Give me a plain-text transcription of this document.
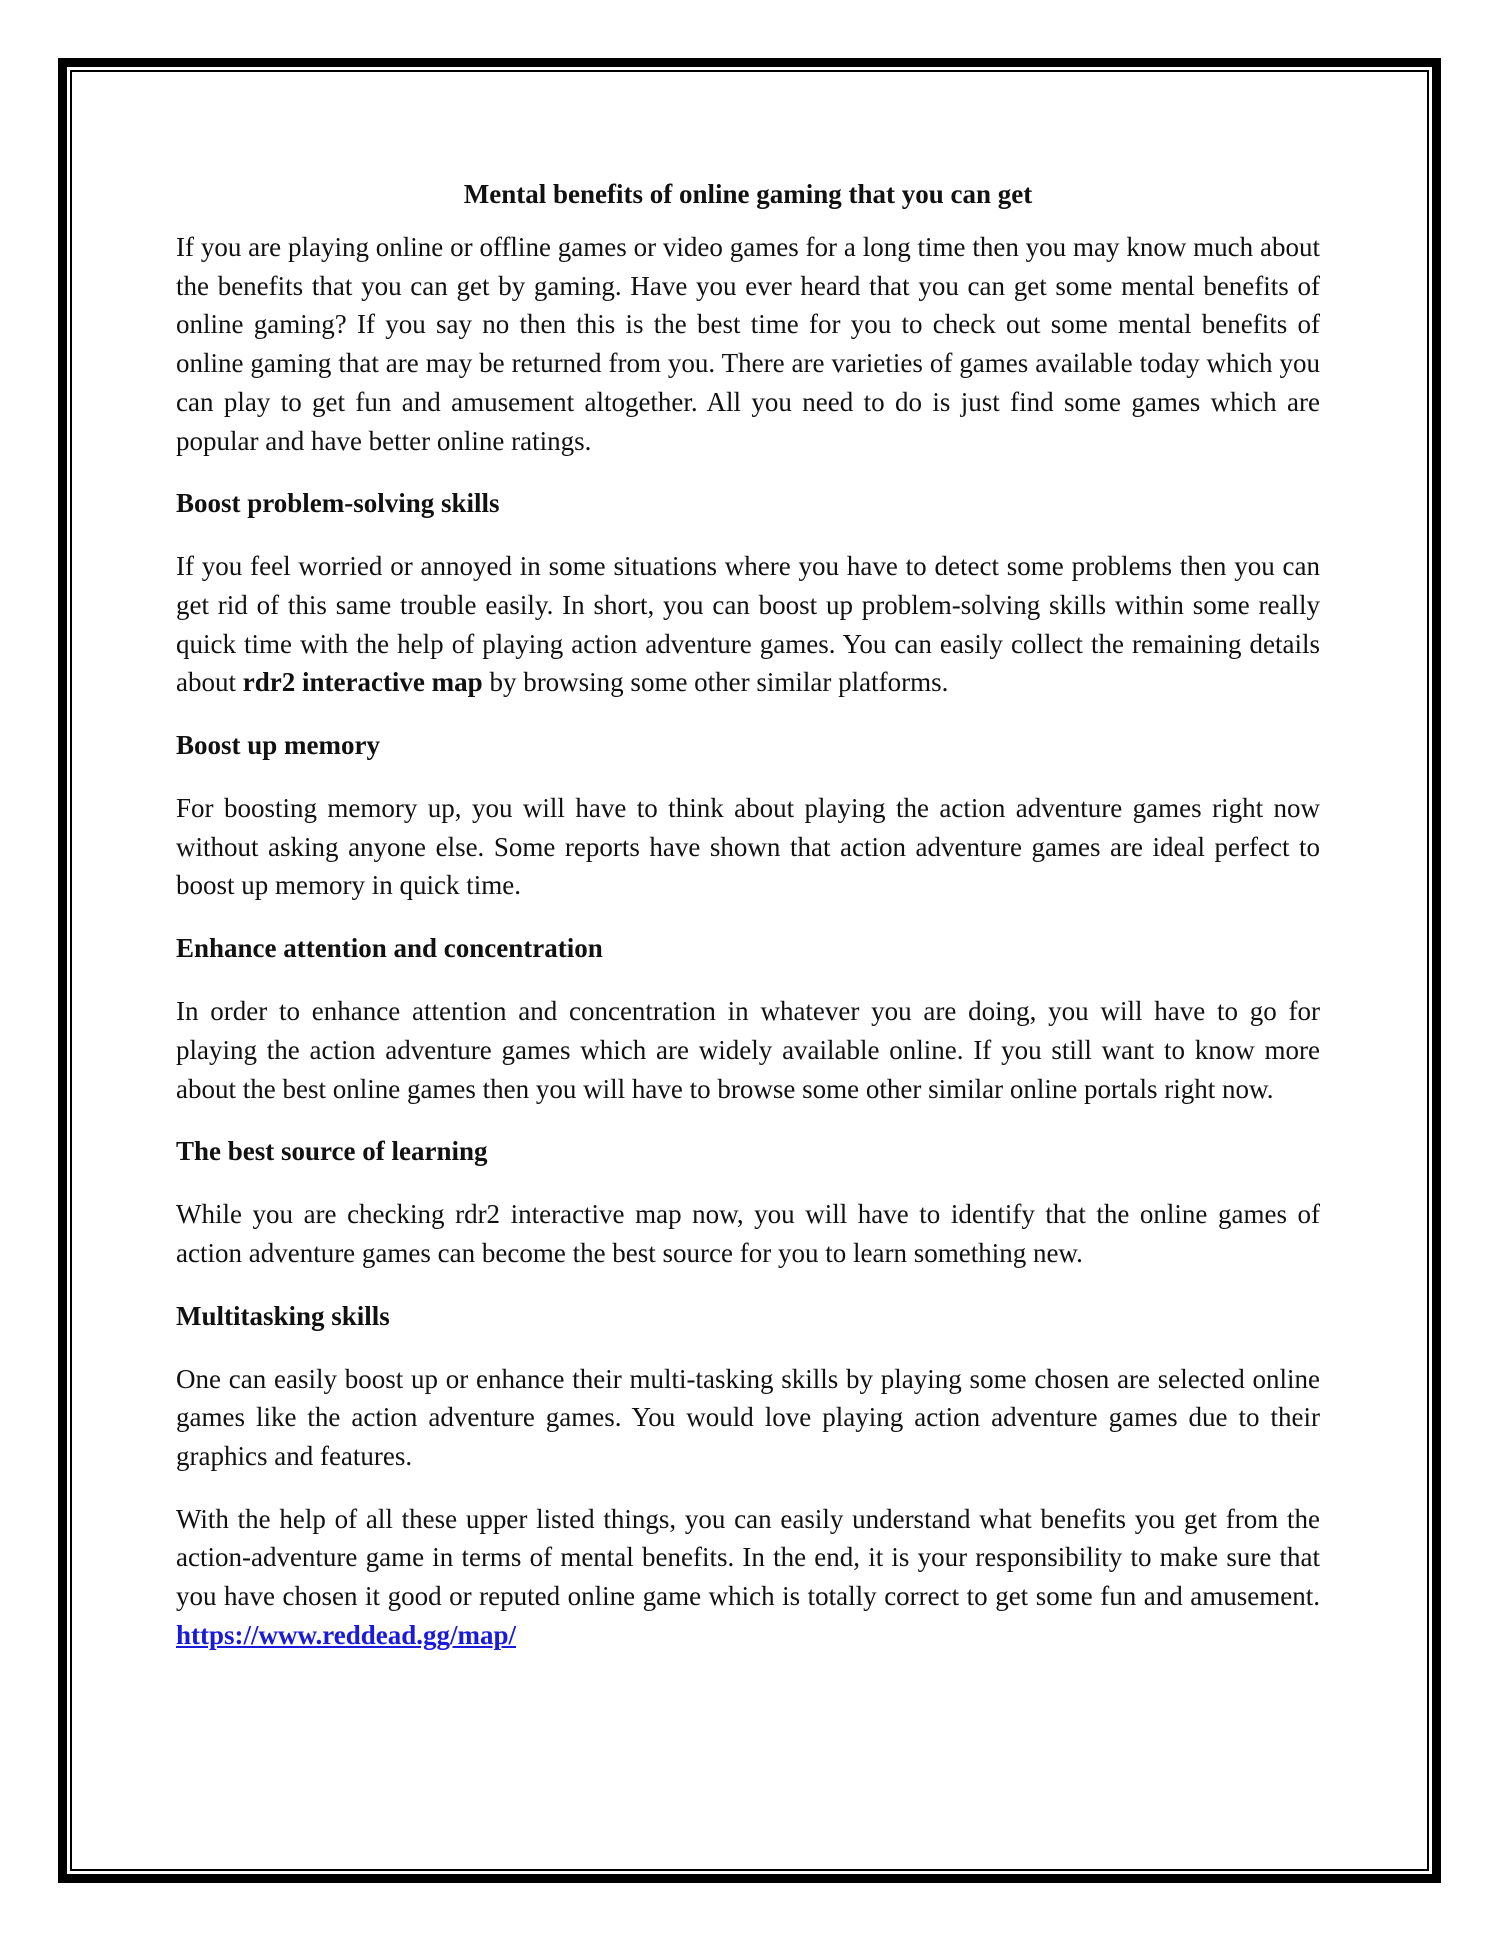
Mental benefits of online gaming that you can get

If you are playing online or offline games or video games for a long time then you may know much about the benefits that you can get by gaming. Have you ever heard that you can get some mental benefits of online gaming? If you say no then this is the best time for you to check out some mental benefits of online gaming that are may be returned from you. There are varieties of games available today which you can play to get fun and amusement altogether. All you need to do is just find some games which are popular and have better online ratings.

Boost problem-solving skills

If you feel worried or annoyed in some situations where you have to detect some problems then you can get rid of this same trouble easily. In short, you can boost up problem-solving skills within some really quick time with the help of playing action adventure games. You can easily collect the remaining details about rdr2 interactive map by browsing some other similar platforms.

Boost up memory

For boosting memory up, you will have to think about playing the action adventure games right now without asking anyone else. Some reports have shown that action adventure games are ideal perfect to boost up memory in quick time.

Enhance attention and concentration

In order to enhance attention and concentration in whatever you are doing, you will have to go for playing the action adventure games which are widely available online. If you still want to know more about the best online games then you will have to browse some other similar online portals right now.

The best source of learning

While you are checking rdr2 interactive map now, you will have to identify that the online games of action adventure games can become the best source for you to learn something new.

Multitasking skills

One can easily boost up or enhance their multi-tasking skills by playing some chosen are selected online games like the action adventure games. You would love playing action adventure games due to their graphics and features.

With the help of all these upper listed things, you can easily understand what benefits you get from the action-adventure game in terms of mental benefits. In the end, it is your responsibility to make sure that you have chosen it good or reputed online game which is totally correct to get some fun and amusement. https://www.reddead.gg/map/
